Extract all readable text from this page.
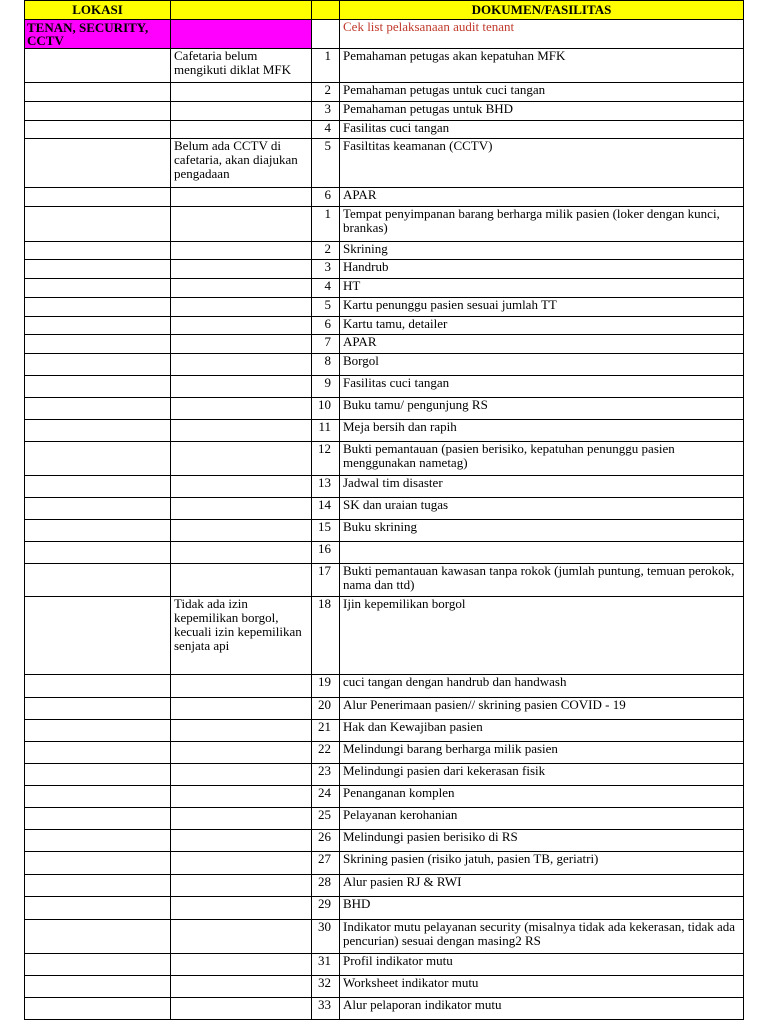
LOKASI			DOKUMEN/FASILITAS
TENAN, SECURITY, CCTV			Cek list pelaksanaan audit tenant
	Cafetaria belum mengikuti diklat MFK	1	Pemahaman petugas akan kepatuhan MFK
		2	Pemahaman petugas untuk cuci tangan
		3	Pemahaman petugas untuk BHD
		4	Fasilitas cuci tangan
	Belum ada CCTV di cafetaria, akan diajukan pengadaan	5	Fasiltitas keamanan (CCTV)
		6	APAR
		1	Tempat penyimpanan barang berharga milik pasien (loker dengan kunci, brankas)
		2	Skrining
		3	Handrub
		4	HT
		5	Kartu penunggu pasien sesuai jumlah TT
		6	Kartu tamu, detailer
		7	APAR
		8	Borgol
		9	Fasilitas cuci tangan
		10	Buku tamu/ pengunjung RS
		11	Meja bersih dan rapih
		12	Bukti pemantauan (pasien berisiko, kepatuhan penunggu pasien menggunakan nametag)
		13	Jadwal tim disaster
		14	SK dan uraian tugas
		15	Buku skrining
		16	
		17	Bukti pemantauan kawasan tanpa rokok (jumlah puntung, temuan perokok, nama dan ttd)
	Tidak ada izin kepemilikan borgol, kecuali izin kepemilikan senjata api	18	Ijin kepemilikan borgol
		19	cuci tangan dengan handrub dan handwash
		20	Alur Penerimaan pasien// skrining pasien COVID - 19
		21	Hak dan Kewajiban pasien
		22	Melindungi barang berharga milik pasien
		23	Melindungi pasien dari kekerasan fisik
		24	Penanganan komplen
		25	Pelayanan kerohanian
		26	Melindungi pasien berisiko di RS
		27	Skrining pasien (risiko jatuh, pasien TB, geriatri)
		28	Alur pasien RJ & RWI
		29	BHD
		30	Indikator mutu pelayanan security (misalnya tidak ada kekerasan, tidak ada pencurian) sesuai dengan masing2 RS
		31	Profil indikator mutu
		32	Worksheet indikator mutu
		33	Alur pelaporan indikator mutu
